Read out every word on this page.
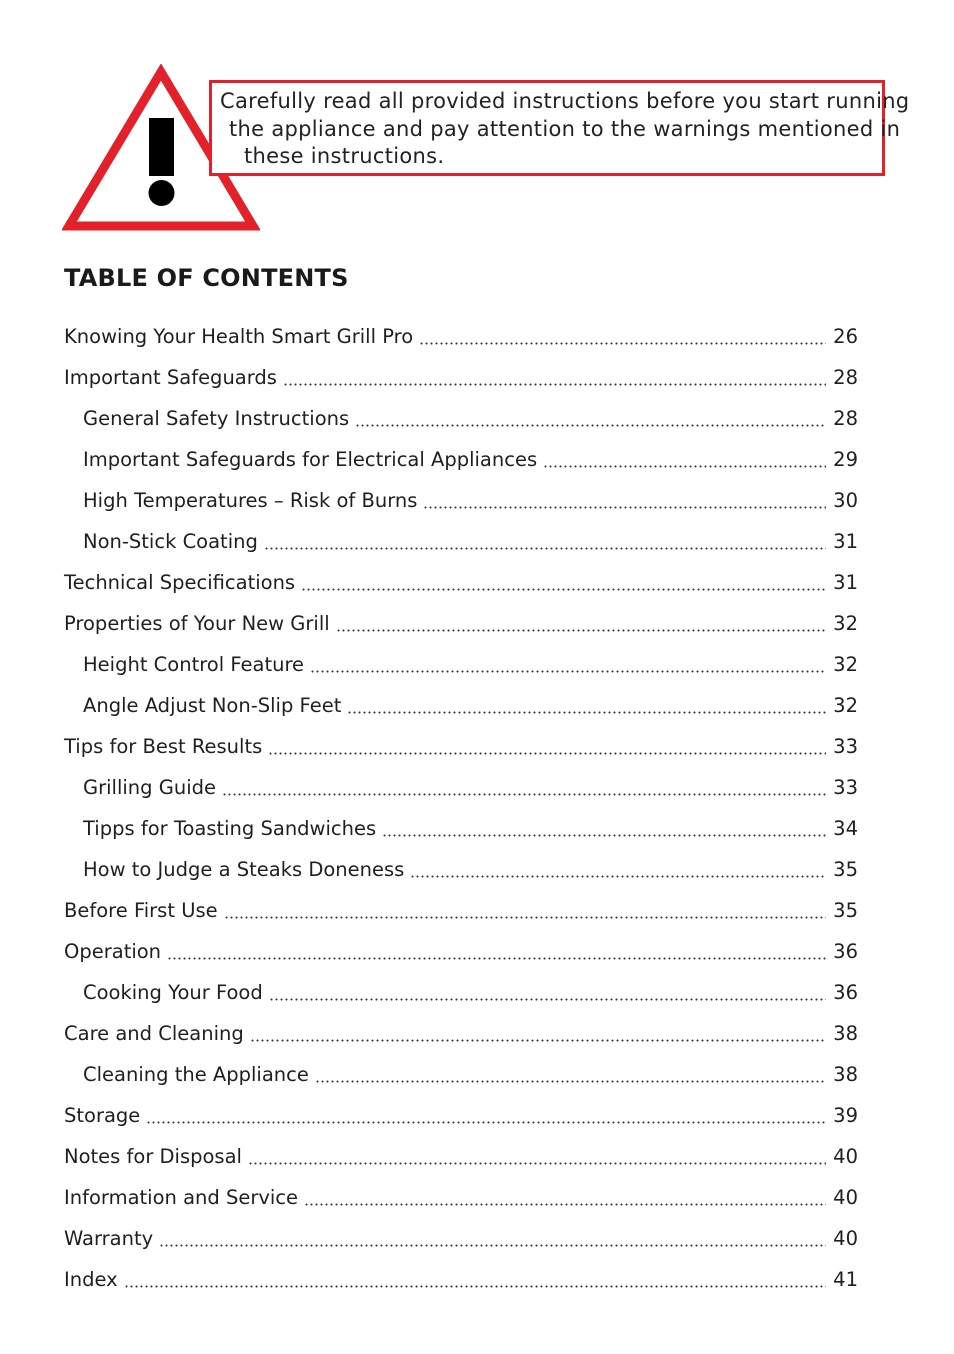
Carefully read all provided instructions before you start running
the appliance and pay attention to the warnings mentioned in
these instructions.
TABLE OF CONTENTS
Knowing Your Health Smart Grill Pro	26
Important Safeguards	28
General Safety Instructions	28
Important Safeguards for Electrical Appliances	29
High Temperatures – Risk of Burns	30
Non-Stick Coating	31
Technical Specifications	31
Properties of Your New Grill	32
Height Control Feature	32
Angle Adjust Non-Slip Feet	32
Tips for Best Results	33
Grilling Guide	33
Tipps for Toasting Sandwiches	34
How to Judge a Steaks Doneness	35
Before First Use	35
Operation	36
Cooking Your Food	36
Care and Cleaning	38
Cleaning the Appliance	38
Storage	39
Notes for Disposal	40
Information and Service	40
Warranty	40
Index	41
